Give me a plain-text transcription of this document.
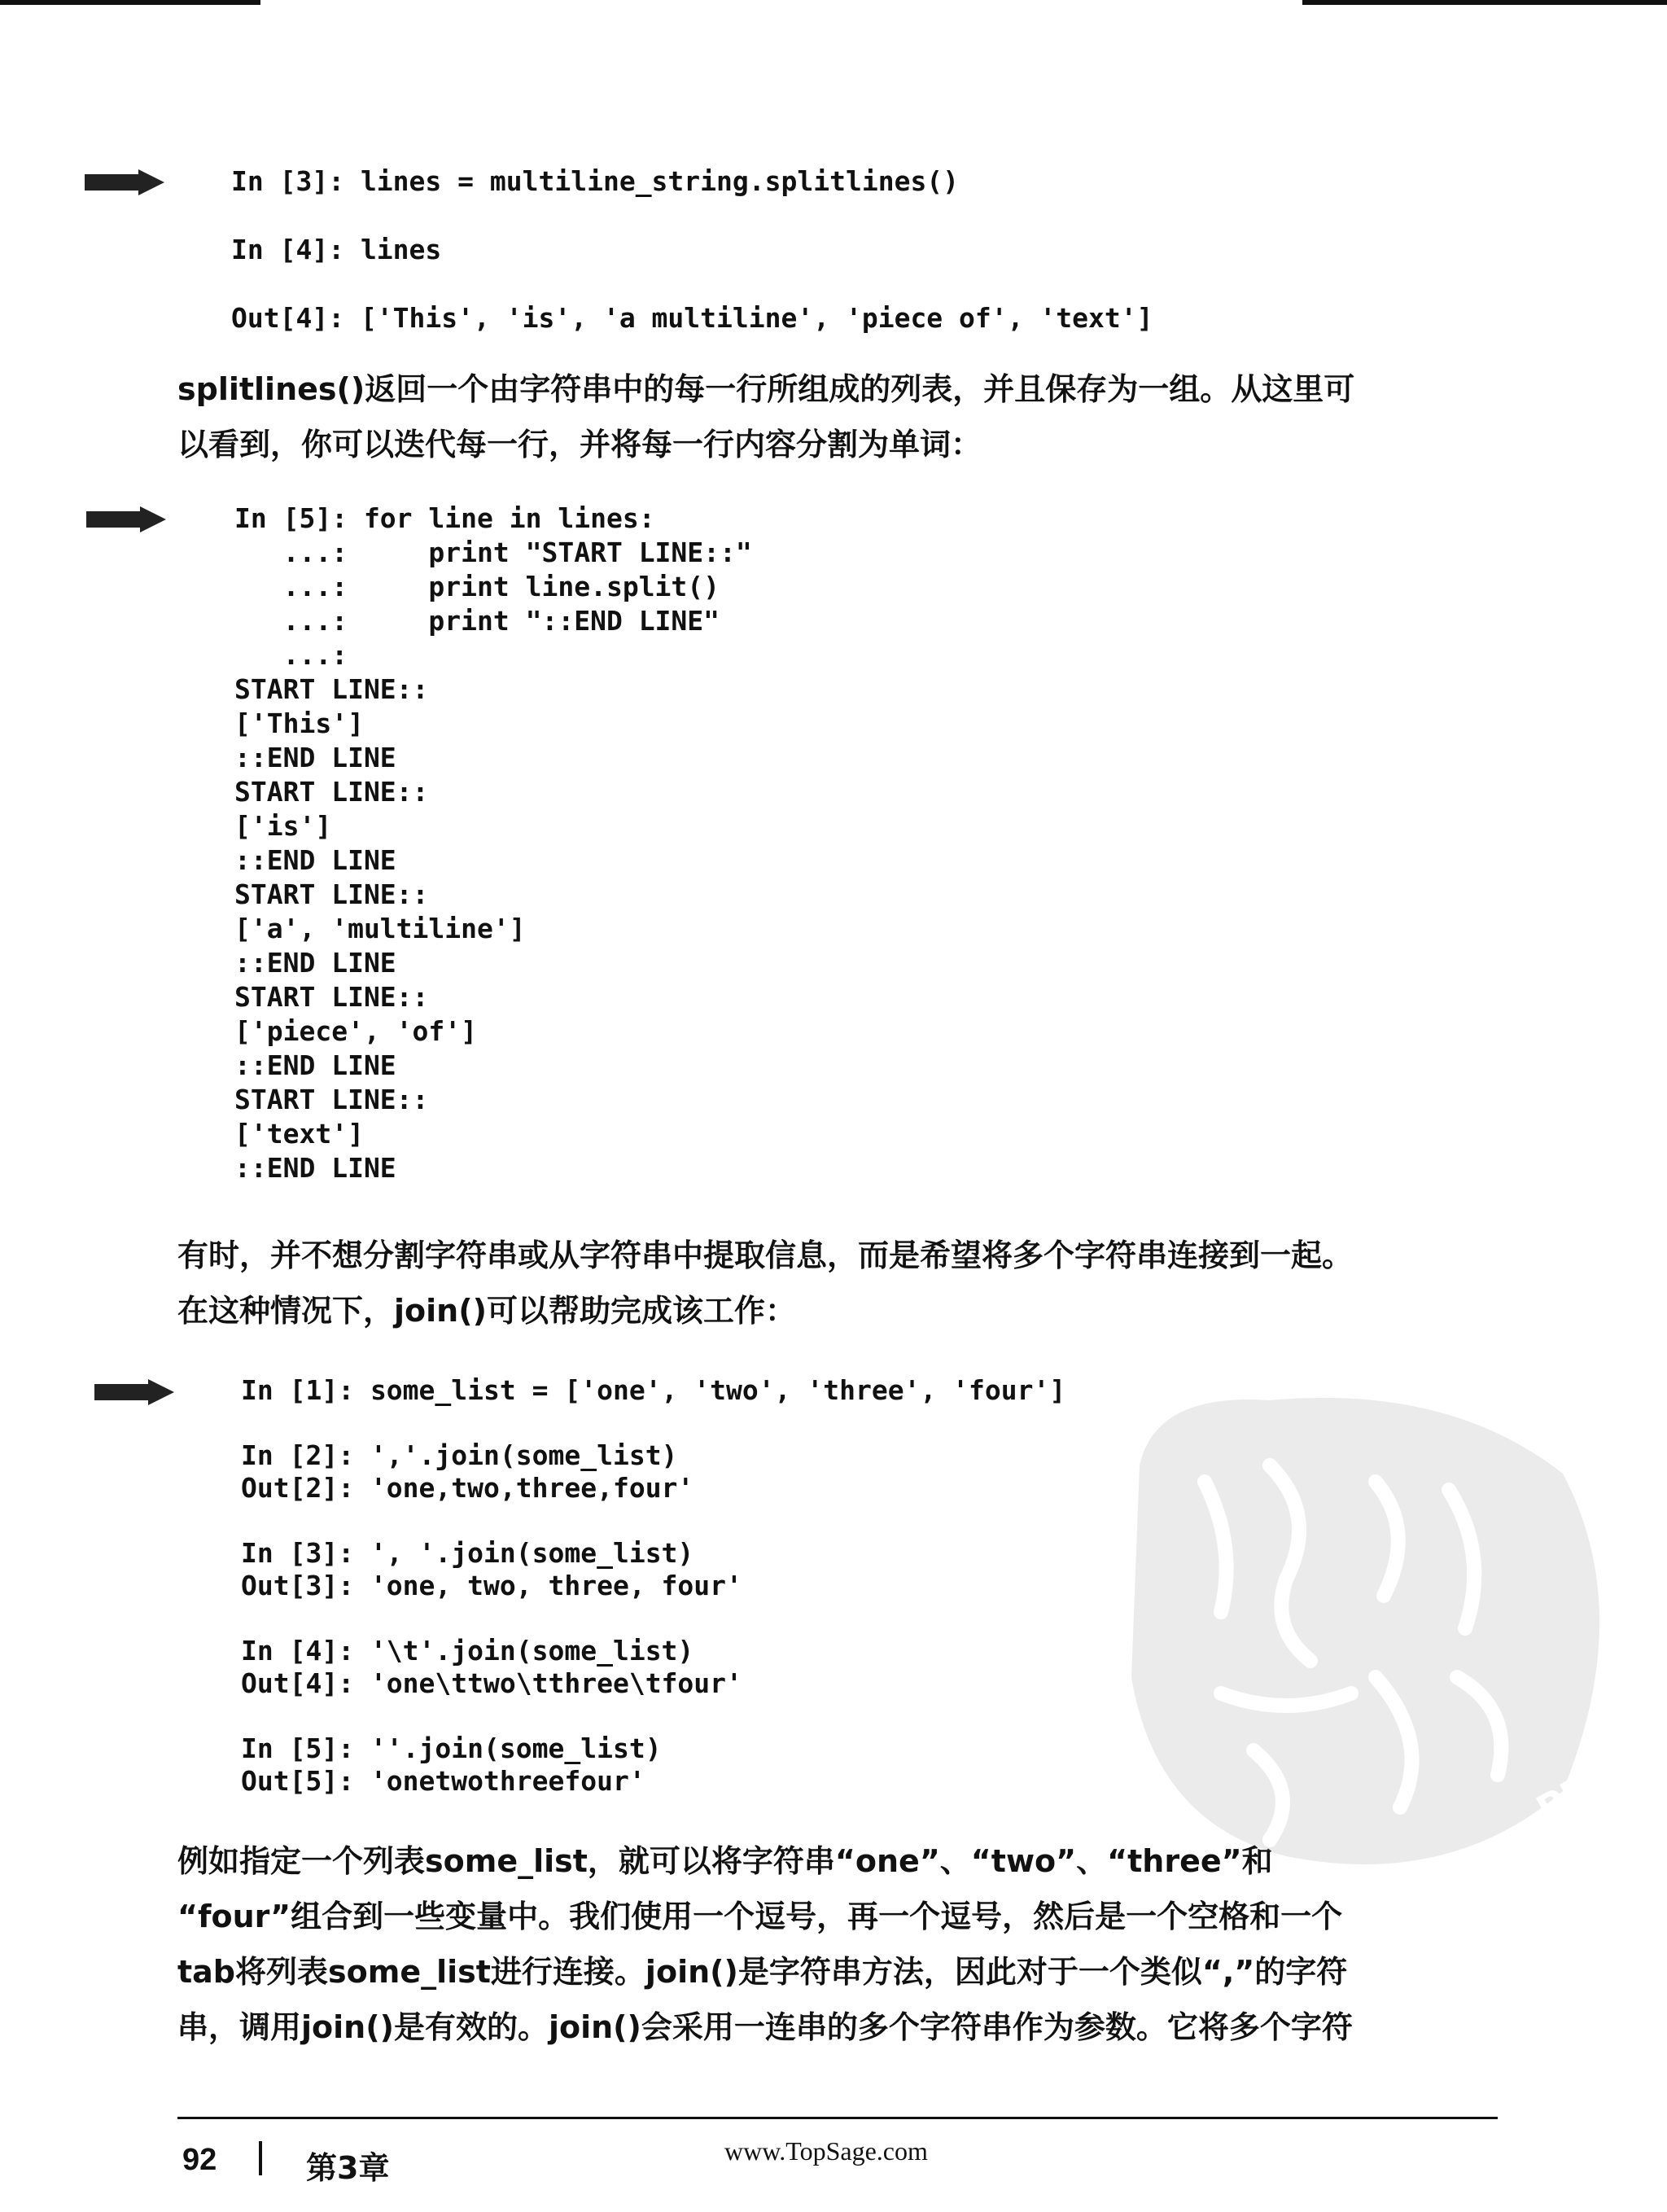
In [3]: lines = multiline_string.splitlines()

In [4]: lines

Out[4]: ['This', 'is', 'a multiline', 'piece of', 'text']
splitlines()返回一个由字符串中的每一行所组成的列表，并且保存为一组。从这里可
以看到，你可以迭代每一行，并将每一行内容分割为单词：
In [5]: for line in lines:
...:     print "START LINE::"
...:     print line.split()
...:     print "::END LINE"
...:
START LINE::
['This']
::END LINE
START LINE::
['is']
::END LINE
START LINE::
['a', 'multiline']
::END LINE
START LINE::
['piece', 'of']
::END LINE
START LINE::
['text']
::END LINE
有时，并不想分割字符串或从字符串中提取信息，而是希望将多个字符串连接到一起。
在这种情况下，join()可以帮助完成该工作：
In [1]: some_list = ['one', 'two', 'three', 'four']

In [2]: ','.join(some_list)
Out[2]: 'one,two,three,four'

In [3]: ', '.join(some_list)
Out[3]: 'one, two, three, four'

In [4]: '\t'.join(some_list)
Out[4]: 'one\ttwo\tthree\tfour'

In [5]: ''.join(some_list)
Out[5]: 'onetwothreefour'
例如指定一个列表some_list，就可以将字符串“one”、“two”、“three”和
“four”组合到一些变量中。我们使用一个逗号，再一个逗号，然后是一个空格和一个
tab将列表some_list进行连接。join()是字符串方法，因此对于一个类似“,”的字符
串，调用join()是有效的。join()会采用一连串的多个字符串作为参数。它将多个字符
PDG
92	第3章	www.TopSage.com
